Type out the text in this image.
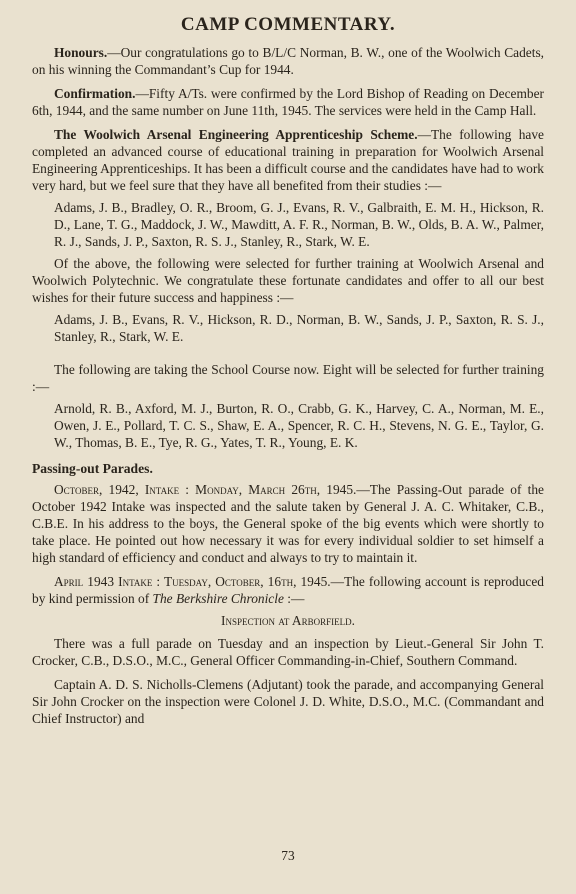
CAMP COMMENTARY.

Honours.—Our congratulations go to B/L/C Norman, B. W., one of the Woolwich Cadets, on his winning the Commandant’s Cup for 1944.

Confirmation.—Fifty A/Ts. were confirmed by the Lord Bishop of Reading on December 6th, 1944, and the same number on June 11th, 1945. The services were held in the Camp Hall.

The Woolwich Arsenal Engineering Apprenticeship Scheme.—The following have completed an advanced course of educational training in preparation for Woolwich Arsenal Engineering Apprenticeships. It has been a difficult course and the candidates have had to work very hard, but we feel sure that they have all benefited from their studies :—

Adams, J. B., Bradley, O. R., Broom, G. J., Evans, R. V., Galbraith, E. M. H., Hickson, R. D., Lane, T. G., Maddock, J. W., Mawditt, A. F. R., Norman, B. W., Olds, B. A. W., Palmer, R. J., Sands, J. P., Saxton, R. S. J., Stanley, R., Stark, W. E.

Of the above, the following were selected for further training at Woolwich Arsenal and Woolwich Polytechnic. We congratulate these fortunate candidates and offer to all our best wishes for their future success and happiness :—

Adams, J. B., Evans, R. V., Hickson, R. D., Norman, B. W., Sands, J. P., Saxton, R. S. J., Stanley, R., Stark, W. E.

The following are taking the School Course now. Eight will be selected for further training :—

Arnold, R. B., Axford, M. J., Burton, R. O., Crabb, G. K., Harvey, C. A., Norman, M. E., Owen, J. E., Pollard, T. C. S., Shaw, E. A., Spencer, R. C. H., Stevens, N. G. E., Taylor, G. W., Thomas, B. E., Tye, R. G., Yates, T. R., Young, E. K.

Passing-out Parades.

October, 1942, Intake : Monday, March 26th, 1945.—The Passing-Out parade of the October 1942 Intake was inspected and the salute taken by General J. A. C. Whitaker, C.B., C.B.E. In his address to the boys, the General spoke of the big events which were shortly to take place. He pointed out how necessary it was for every individual soldier to set himself a high standard of efficiency and conduct and always to try to maintain it.

April 1943 Intake : Tuesday, October, 16th, 1945.—The following account is reproduced by kind permission of The Berkshire Chronicle :—

Inspection at Arborfield.

There was a full parade on Tuesday and an inspection by Lieut.-General Sir John T. Crocker, C.B., D.S.O., M.C., General Officer Commanding-in-Chief, Southern Command.

Captain A. D. S. Nicholls-Clemens (Adjutant) took the parade, and accompanying General Sir John Crocker on the inspection were Colonel J. D. White, D.S.O., M.C. (Commandant and Chief Instructor) and

73
